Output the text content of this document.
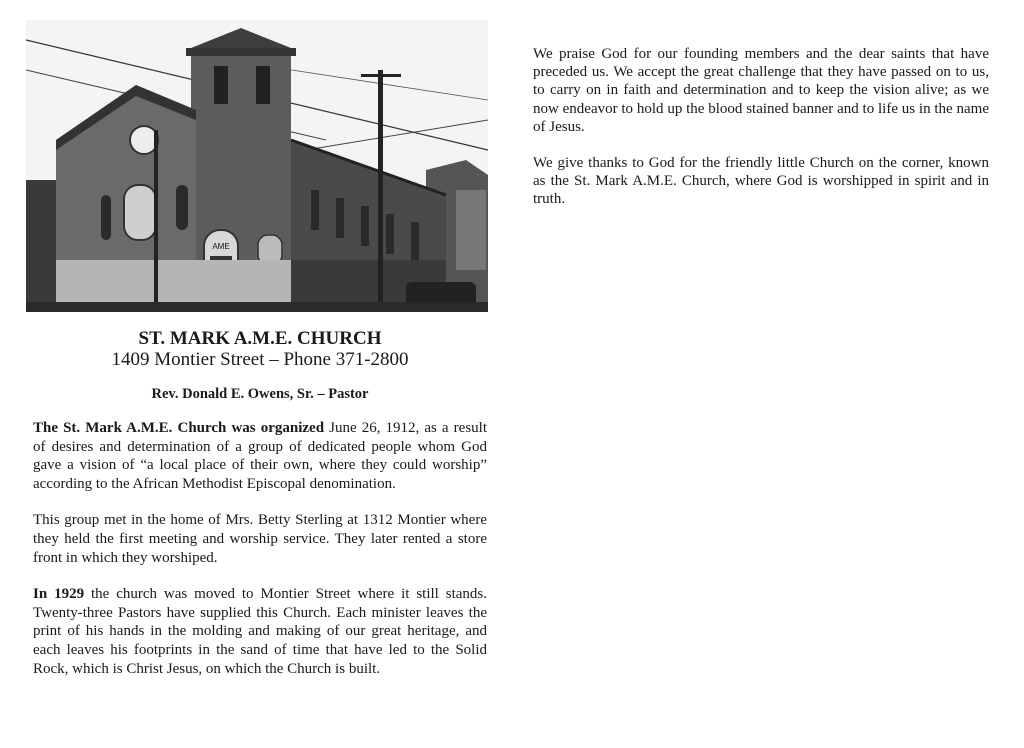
AME

ST. MARK A.M.E. CHURCH

1409 Montier Street – Phone 371-2800

Rev. Donald E. Owens, Sr. – Pastor

The St. Mark A.M.E. Church was organized June 26, 1912, as a result of desires and determination of a group of dedicated people whom God gave a vision of “a local place of their own, where they could worship” according to the African Methodist Episcopal denomination.

This group met in the home of Mrs. Betty Sterling at 1312 Montier where they held the first meeting and worship service. They later rented a store front in which they worshiped.

In 1929 the church was moved to Montier Street where it still stands. Twenty-three Pastors have supplied this Church. Each minister leaves the print of his hands in the molding and making of our great heritage, and each leaves his footprints in the sand of time that have led to the Solid Rock, which is Christ Jesus, on which the Church is built.

We praise God for our founding members and the dear saints that have preceded us. We accept the great challenge that they have passed on to us, to carry on in faith and determination and to keep the vision alive; as we now endeavor to hold up the blood stained banner and to life us in the name of Jesus.

We give thanks to God for the friendly little Church on the corner, known as the St. Mark A.M.E. Church, where God is worshipped in spirit and in truth.
